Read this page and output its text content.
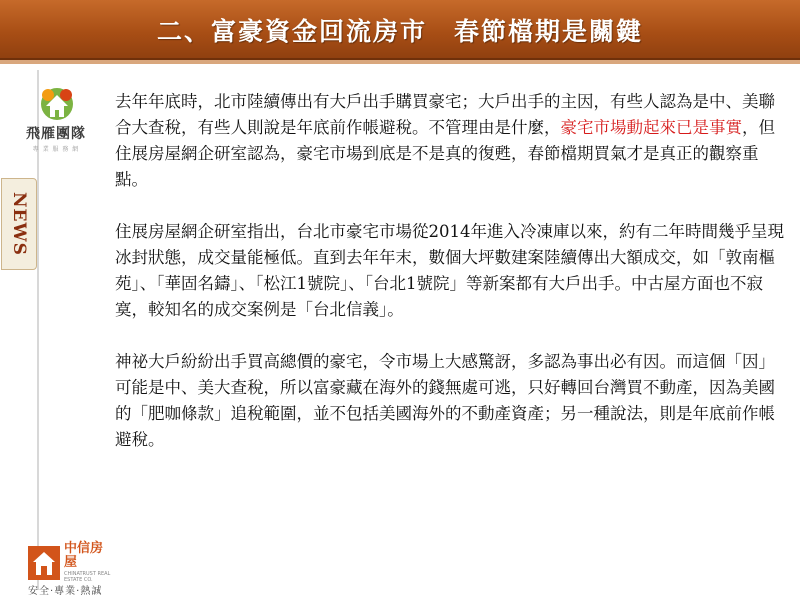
二、富豪資金回流房市　春節檔期是關鍵
飛雁團隊
專 業 服 務 網
NEWS

去年年底時，北市陸續傳出有大戶出手購買豪宅；大戶出手的主因，有些人認為是中、美聯合大查稅，有些人則說是年底前作帳避稅。不管理由是什麼，豪宅市場動起來已是事實，但住展房屋網企研室認為，豪宅市場到底是不是真的復甦，春節檔期買氣才是真正的觀察重點。

住展房屋網企研室指出，台北市豪宅市場從2014年進入冷凍庫以來，約有二年時間幾乎呈現冰封狀態，成交量能極低。直到去年年末，數個大坪數建案陸續傳出大額成交，如「敦南樞苑」、「華固名鑄」、「松江1號院」、「台北1號院」等新案都有大戶出手。中古屋方面也不寂寞，較知名的成交案例是「台北信義」。

神祕大戶紛紛出手買高總價的豪宅，令市場上大感驚訝，多認為事出必有因。而這個「因」可能是中、美大查稅，所以富豪藏在海外的錢無處可逃，只好轉回台灣買不動產，因為美國的「肥咖條款」追稅範圍，並不包括美國海外的不動產資產；另一種說法，則是年底前作帳避稅。

中信房屋
CHINATRUST REAL ESTATE CO.
安全·專業·熱誠
